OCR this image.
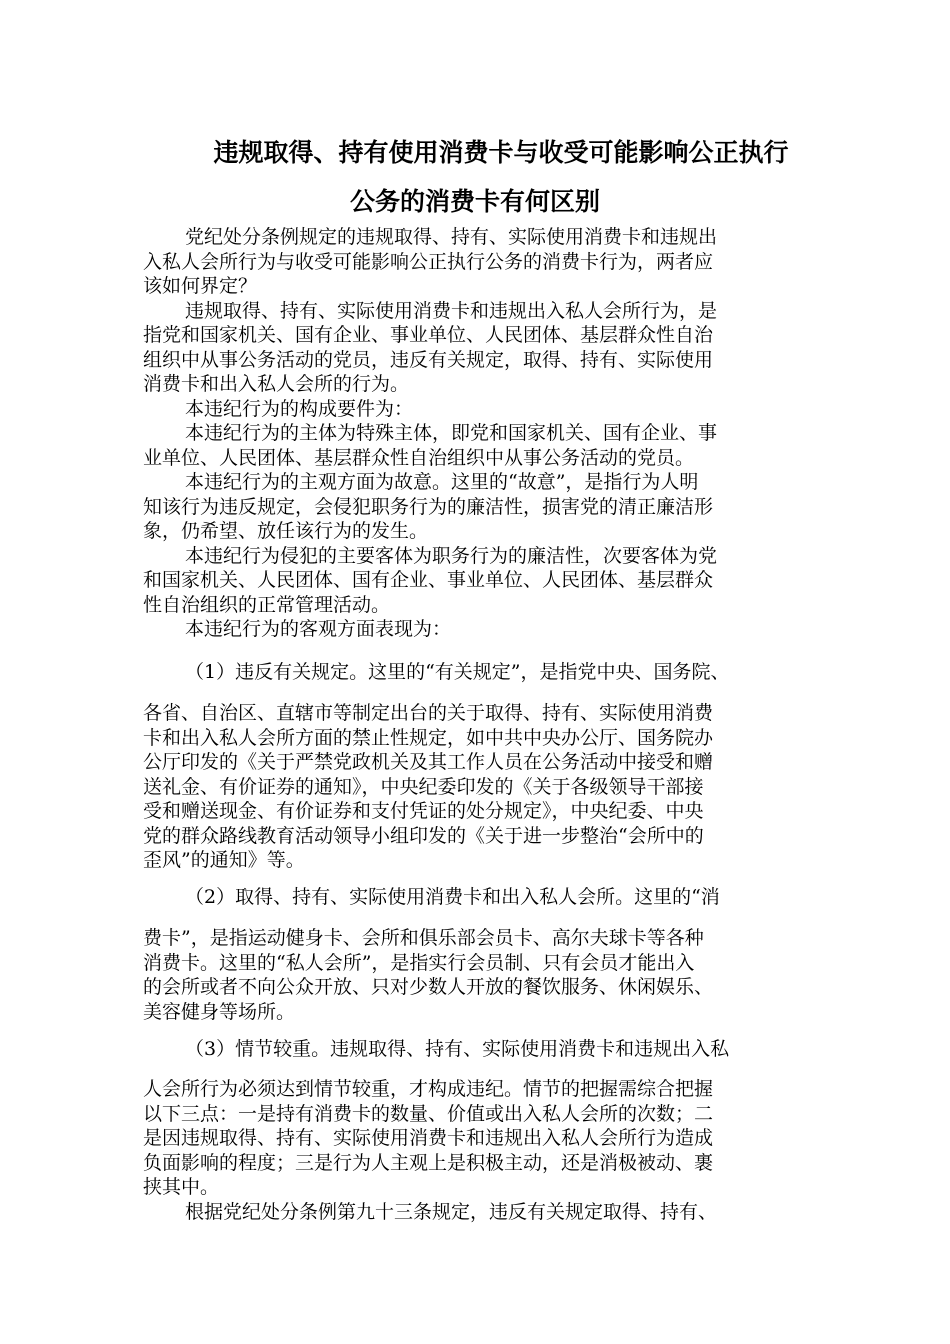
违规取得、持有使用消费卡与收受可能影响公正执行
公务的消费卡有何区别
党纪处分条例规定的违规取得、持有、实际使用消费卡和违规出
入私人会所行为与收受可能影响公正执行公务的消费卡行为，两者应
该如何界定？
违规取得、持有、实际使用消费卡和违规出入私人会所行为，是
指党和国家机关、国有企业、事业单位、人民团体、基层群众性自治
组织中从事公务活动的党员，违反有关规定，取得、持有、实际使用
消费卡和出入私人会所的行为。
本违纪行为的构成要件为：
本违纪行为的主体为特殊主体，即党和国家机关、国有企业、事
业单位、人民团体、基层群众性自治组织中从事公务活动的党员。
本违纪行为的主观方面为故意。这里的“故意”，是指行为人明
知该行为违反规定，会侵犯职务行为的廉洁性，损害党的清正廉洁形
象，仍希望、放任该行为的发生。
本违纪行为侵犯的主要客体为职务行为的廉洁性，次要客体为党
和国家机关、人民团体、国有企业、事业单位、人民团体、基层群众
性自治组织的正常管理活动。
本违纪行为的客观方面表现为：
（1）违反有关规定。这里的“有关规定”，是指党中央、国务院、
各省、自治区、直辖市等制定出台的关于取得、持有、实际使用消费
卡和出入私人会所方面的禁止性规定，如中共中央办公厅、国务院办
公厅印发的《关于严禁党政机关及其工作人员在公务活动中接受和赠
送礼金、有价证券的通知》，中央纪委印发的《关于各级领导干部接
受和赠送现金、有价证券和支付凭证的处分规定》，中央纪委、中央
党的群众路线教育活动领导小组印发的《关于进一步整治“会所中的
歪风”的通知》等。
（2）取得、持有、实际使用消费卡和出入私人会所。这里的“消
费卡”，是指运动健身卡、会所和俱乐部会员卡、高尔夫球卡等各种
消费卡。这里的“私人会所”，是指实行会员制、只有会员才能出入
的会所或者不向公众开放、只对少数人开放的餐饮服务、休闲娱乐、
美容健身等场所。
（3）情节较重。违规取得、持有、实际使用消费卡和违规出入私
人会所行为必须达到情节较重，才构成违纪。情节的把握需综合把握
以下三点：一是持有消费卡的数量、价值或出入私人会所的次数；二
是因违规取得、持有、实际使用消费卡和违规出入私人会所行为造成
负面影响的程度；三是行为人主观上是积极主动，还是消极被动、裹
挟其中。
根据党纪处分条例第九十三条规定，违反有关规定取得、持有、
